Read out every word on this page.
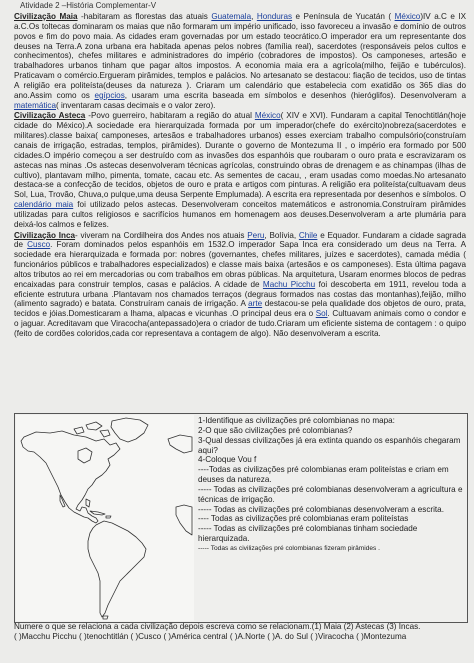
Atividade 2 –História Complementar-V

Civilização Maia -habitaram as florestas das atuais Guatemala, Honduras e Península de Yucatán ( México)IV a.C e IX a.C.Os toltecas dominaram os maias que não formaram um império unificado, isso favoreceu a invasão e domínio de outros povos e fim do povo maia. As cidades eram governadas por um estado teocrático.O imperador era um representante dos deuses na Terra.A zona urbana era habitada apenas pelos nobres (família real), sacerdotes (responsáveis pelos cultos e conhecimentos), chefes militares e administradores do império (cobradores de impostos). Os camponeses, artesão e trabalhadores urbanos tinham que pagar altos impostos. A economia maia era a agrícola(milho, feijão e tubérculos). Praticavam o comércio.Ergueram pirâmides, templos e palácios. No artesanato se destacou: fiação de tecidos, uso de tintas A religião era politeísta(deuses da natureza ). Criaram um calendário que estabelecia com exatidão os 365 dias do ano.Assim como os egípcios, usaram uma escrita baseada em símbolos e desenhos (hieróglifos). Desenvolveram a matemática( inventaram casas decimais e o valor zero).

Civilização Asteca -Povo guerreiro, habitaram a região do atual México( XIV e XVI). Fundaram a capital Tenochtitlán(hoje cidade do México).A sociedade era hierarquizada formada por um imperador(chefe do exército)nobreza(sacerdotes e militares).classe baixa( camponeses, artesãos e trabalhadores urbanos) esses exerciam trabalho compulsório(construíam canais de irrigação, estradas, templos, pirâmides). Durante o governo de Montezuma II , o império era formado por 500 cidades.O império começou a ser destruído com as invasões dos espanhóis que roubaram o ouro prata e escravizaram os astecas nas minas .Os astecas desenvolveram técnicas agrícolas, construindo obras de drenagem e as chinampas (ilhas de cultivo), plantavam milho, pimenta, tomate, cacau etc. As sementes de cacau, , eram usadas como moedas.No artesanato destaca-se a confecção de tecidos, objetos de ouro e prata e artigos com pinturas. A religião era politeísta(cultuavam deus Sol, Lua, Trovão, Chuva,o pulque,uma deusa Serpente Emplumada). A escrita era representada por desenhos e símbolos. O calendário maia foi utilizado pelos astecas. Desenvolveram conceitos matemáticos e astronomia.Construíram pirâmides utilizadas para cultos religiosos e sacrifícios humanos em homenagem aos deuses.Desenvolveram a arte plumária para deixá-los calmos e felizes.

Civilização Inca- viveram na Cordilheira dos Andes nos atuais Peru, Bolívia, Chile e Equador. Fundaram a cidade sagrada de Cusco. Foram dominados pelos espanhóis em 1532.O imperador Sapa Inca era considerado um deus na Terra. A sociedade era hierarquizada e formada por: nobres (governantes, chefes militares, juízes e sacerdotes), camada média ( funcionários públicos e trabalhadores especializados) e classe mais baixa (artesãos e os camponeses). Esta última pagava altos tributos ao rei em mercadorias ou com trabalhos em obras públicas. Na arquitetura, Usaram enormes blocos de pedras encaixadas para construir templos, casas e palácios. A cidade de Machu Picchu foi descoberta em 1911, revelou toda a eficiente estrutura urbana .Plantavam nos chamados terraços (degraus formados nas costas das montanhas),feijão, milho (alimento sagrado) e batata. Construíram canais de irrigação. A arte destacou-se pela qualidade dos objetos de ouro, prata, tecidos e jóias.Domesticaram a lhama, alpacas e vicunhas .O principal deus era o Sol. Cultuavam animais como o condor e o jaguar. Acreditavam que Viracocha(antepassado)era o criador de tudo.Criaram um eficiente sistema de contagem : o quipo (feito de cordões coloridos,cada cor representava a contagem de algo). Não desenvolveram a escrita.

1-Identifique as civilizações pré colombianas no mapa:
2-O que são civilizações pré colombianas?
3-Qual dessas civilizações já era extinta quando os espanhóis chegaram aqui?
4-Coloque Vou f
----Todas as civilizações pré colombianas eram politeístas e criam em deuses da natureza.
----- Todas as civilizações pré colombianas desenvolveram a agricultura e técnicas de irrigação.
----- Todas as civilizações pré colombianas desenvolveram a escrita.
---- Todas as civilizações pré colombianas eram politeístas
----- Todas as civilizações pré colombianas tinham sociedade hierarquizada.
----- Todas as civilizações pré colombianas fizeram pirâmides .
Numere o que se relaciona a cada civilização depois escreva como se relacionam.(1) Maia (2) Astecas (3) Incas.
( )Macchu Picchu ( )tenochtitlán ( )Cusco ( )América central ( )A.Norte ( )A. do Sul ( )Viracocha ( )Montezuma
